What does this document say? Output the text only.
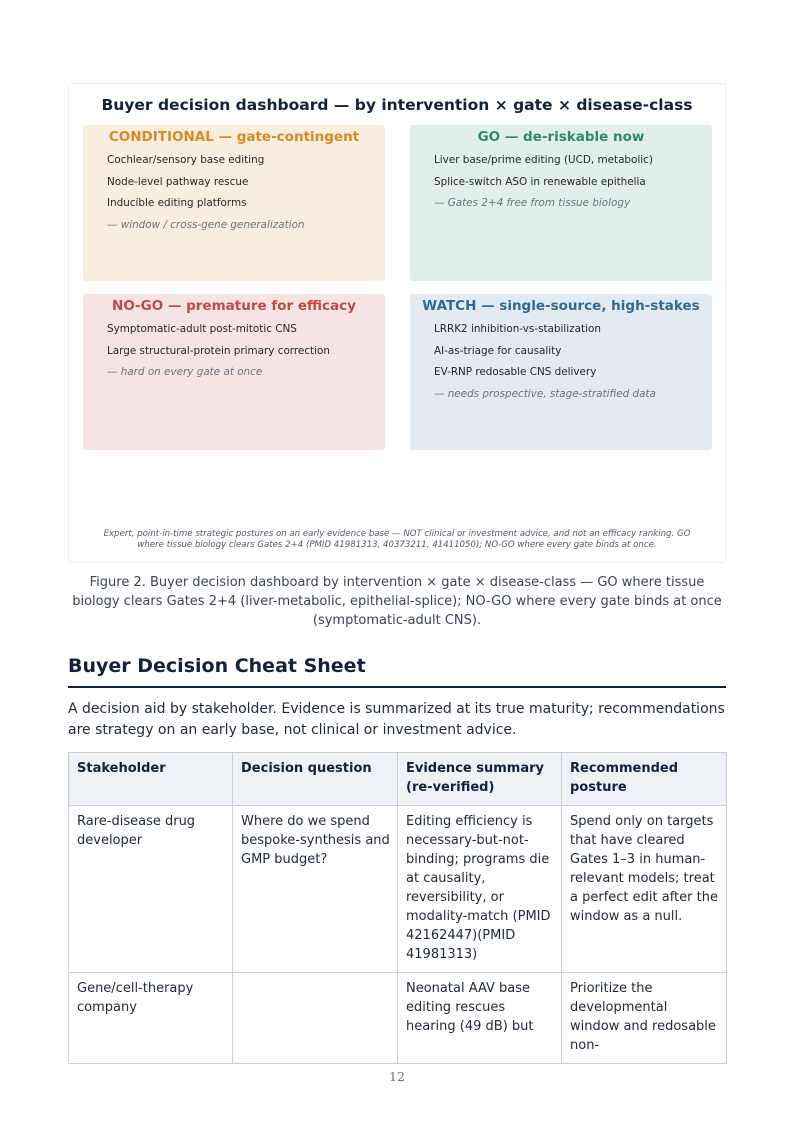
Buyer decision dashboard — by intervention × gate × disease-class
CONDITIONAL — gate-contingent
Cochlear/sensory base editing
Node-level pathway rescue
Inducible editing platforms
— window / cross-gene generalization
GO — de-riskable now
Liver base/prime editing (UCD, metabolic)
Splice-switch ASO in renewable epithelia
— Gates 2+4 free from tissue biology
NO-GO — premature for efficacy
Symptomatic-adult post-mitotic CNS
Large structural-protein primary correction
— hard on every gate at once
WATCH — single-source, high-stakes
LRRK2 inhibition-vs-stabilization
AI-as-triage for causality
EV-RNP redosable CNS delivery
— needs prospective, stage-stratified data
Expert, point-in-time strategic postures on an early evidence base — NOT clinical or investment advice, and not an efficacy ranking. GO
where tissue biology clears Gates 2+4 (PMID 41981313, 40373211, 41411050); NO-GO where every gate binds at once.
Figure 2. Buyer decision dashboard by intervention × gate × disease-class — GO where tissue biology clears Gates 2+4 (liver-metabolic, epithelial-splice); NO-GO where every gate binds at once (symptomatic-adult CNS).
Buyer Decision Cheat Sheet
A decision aid by stakeholder. Evidence is summarized at its true maturity; recommendations are strategy on an early base, not clinical or investment advice.
Stakeholder	Decision question	Evidence summary (re-verified)	Recommended posture
Rare-disease drug developer	Where do we spend bespoke-synthesis and GMP budget?	Editing efficiency is necessary-but-not-binding; programs die at causality, reversibility, or modality-match (PMID 42162447)(PMID 41981313)	Spend only on targets that have cleared Gates 1–3 in human-relevant models; treat a perfect edit after the window as a null.
Gene/cell-therapy company		Neonatal AAV base editing rescues hearing (49 dB) but	Prioritize the developmental window and redosable non-
12
